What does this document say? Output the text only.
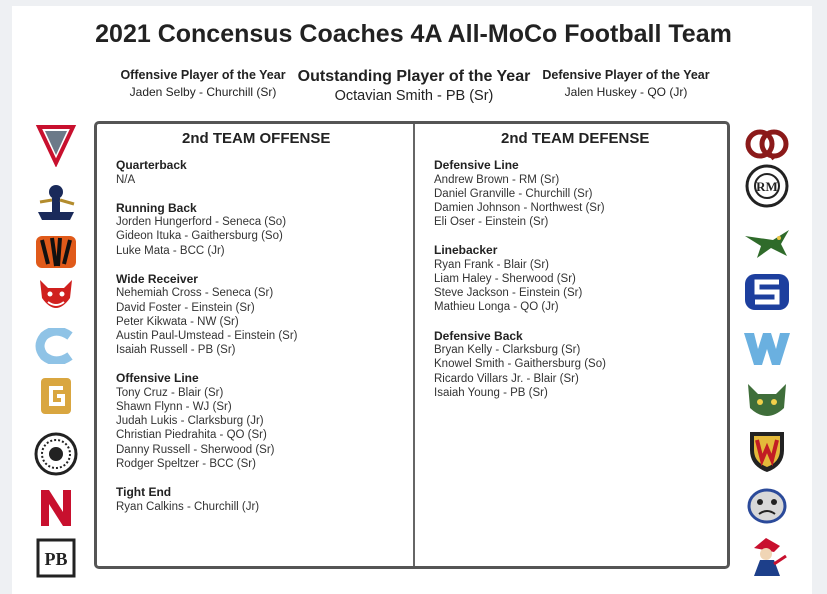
2021 Concensus Coaches 4A All-MoCo Football Team
Offensive Player of the Year
Jaden Selby - Churchill (Sr)
Outstanding Player of the Year
Octavian Smith - PB (Sr)
Defensive Player of the Year
Jalen Huskey - QO (Jr)
2nd TEAM OFFENSE
Quarterback
N/A
Running Back
Jorden Hungerford - Seneca (So)
Gideon Ituka - Gaithersburg (So)
Luke Mata - BCC (Jr)
Wide Receiver
Nehemiah Cross - Seneca (Sr)
David Foster - Einstein (Sr)
Peter Kikwata - NW (Sr)
Austin Paul-Umstead - Einstein (Sr)
Isaiah Russell - PB (Sr)
Offensive Line
Tony Cruz - Blair (Sr)
Shawn Flynn - WJ (Sr)
Judah Lukis - Clarksburg (Jr)
Christian Piedrahita - QO (Sr)
Danny Russell - Sherwood (Sr)
Rodger Speltzer - BCC (Sr)
Tight End
Ryan Calkins - Churchill (Jr)
2nd TEAM DEFENSE
Defensive Line
Andrew Brown - RM (Sr)
Daniel Granville - Churchill (Sr)
Damien Johnson - Northwest (Sr)
Eli Oser - Einstein (Sr)
Linebacker
Ryan Frank - Blair (Sr)
Liam Haley - Sherwood (Sr)
Steve Jackson - Einstein (Sr)
Mathieu Longa - QO (Jr)
Defensive Back
Bryan Kelly - Clarksburg (Sr)
Knowel Smith - Gaithersburg (So)
Ricardo Villars Jr. - Blair (Sr)
Isaiah Young - PB (Sr)
PB
RM
